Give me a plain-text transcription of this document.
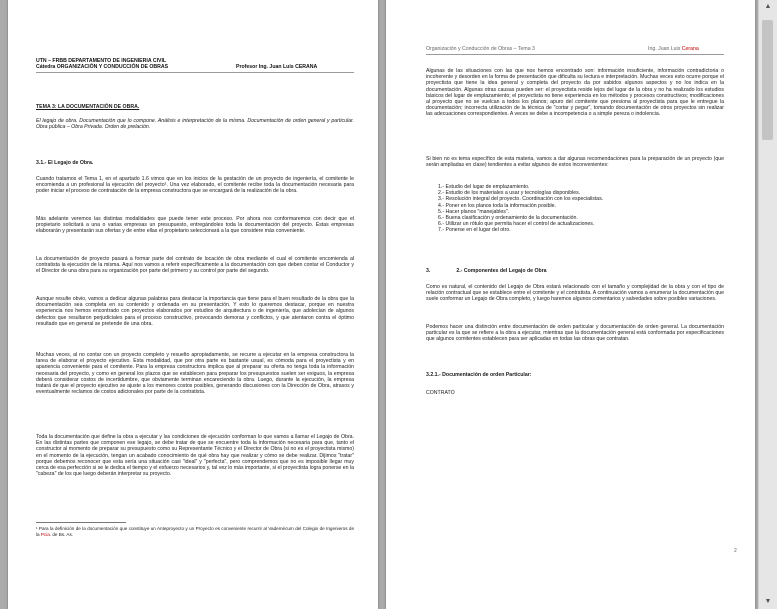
UTN – FRBB DEPARTAMENTO DE INGENIERIA CIVIL
Cátedra ORGANIZACIÓN Y CONDUCCIÓN DE OBRAS	Profesor Ing. Juan Luis CERANA
TEMA 3: LA DOCUMENTACIÓN DE OBRA.
El legajo de obra. Documentación que lo compone. Análisis e interpretación de la misma. Documentación de orden general y particular. Obra pública – Obra Privada. Orden de prelación.
3.1.- El Legajo de Obra.
Cuando tratamos el Tema 1, en el apartado 1.6 vimos que en los inicios de la gestación de un proyecto de ingeniería, el comitente le encomienda a un profesional la ejecución del proyecto¹. Una vez elaborado, el comitente recibe toda la documentación necesaria para poder iniciar el proceso de contratación de la empresa constructora que se encargará de la realización de la obra.
Más adelante veremos las distintas modalidades que puede tener este proceso. Por ahora nos conformaremos con decir que el propietario solicitará a una o varias empresas un presupuesto, entregándoles toda la documentación del proyecto. Éstas empresas elaborarán y presentarán sus ofertas y de entre ellas el propietario seleccionará a la que considere más conveniente.
La documentación de proyecto pasará a formar parte del contrato de locación de obra mediante el cual el comitente encomienda al contratista la ejecución de la misma. Aquí nos vamos a referir específicamente a la documentación con que deben contar el Conductor y el Director de una obra para su organización por parte del primero y su control por parte del segundo.
Aunque resulte obvio, vamos a dedicar algunas palabras para destacar la importancia que tiene para el buen resultado de la obra que la documentación sea completa en su contenido y ordenada en su presentación. Y esto lo queremos destacar, porque en nuestra experiencia nos hemos encontrado con proyectos elaborados por estudios de arquitectura o de ingeniería, que adolecían de algunos defectos que resultaron perjudiciales para el proceso constructivo, provocando demoras y conflictos, y que atentaron contra el óptimo resultado que en general se pretende de una obra.
Muchas veces, al no contar con un proyecto completo y resuelto apropiadamente, se recurre a ejecutar en la empresa constructora la tarea de elaborar el proyecto ejecutivo. Esta modalidad, que por otra parte es bastante usual, es cómoda para el proyectista y en apariencia conveniente para el comitente. Para la empresa constructora implica que al preparar su oferta no tenga toda la información necesaria del proyecto, y como en general los plazos que se establecen para preparar los presupuestos suelen ser exiguos, la empresa deberá considerar costos de incertidumbre, que obviamente terminan encareciendo la obra. Luego, durante la ejecución, la empresa tratará de que el proyecto ejecutivo se ajuste a los menores costos posibles, generando discusiones con la Dirección de Obra, atrasos y eventualmente reclamos de costos adicionales por parte de la contratista.
Toda la documentación que define la obra a ejecutar y las condiciones de ejecución conforman lo que vamos a llamar el Legajo de Obra. En las distintas partes que componen ese legajo, se debe tratar de que se encuentre toda la información necesaria para que, tanto el constructor al momento de preparar su presupuesto como su Representante Técnico y el Director de Obra (si no es el proyectista mismo) en el momento de la ejecución, tengan un acabado conocimiento de qué obra hay que realizar y cómo se debe realizar. Dijimos "tratar" porque debemos reconocer que esta sería una situación casi "ideal" y "perfecta", pero comprendemos que no es imposible llegar muy cerca de esa perfección si se le dedica el tiempo y el esfuerzo necesarios y, tal vez lo más importante, si el proyectista logra ponerse en la "cabeza" de los que luego deberán interpretar su proyecto.
¹ Para la definición de la documentación que constituye un Anteproyecto y un Proyecto es conveniente recurrir al Vademécum del Colegio de Ingenieros de la Pcia. de Bs. As.
Organización y Conducción de Obras – Tema 3	Ing. Juan Luis Cerana
Algunas de las situaciones con las que nos hemos encontrado son: información insuficiente, información contradictoria o incoherente y desorden en la forma de presentación que dificulta su lectura e interpretación. Muchas veces esto ocurre porque el proyectista que tiene la idea general y completa del proyecto da por sabidos algunos aspectos y no los indica en la documentación. Algunas otras causas pueden ser: el proyectista reside lejos del lugar de la obra y no ha realizado los estudios básicos del lugar de emplazamiento; el proyectista no tiene experiencia en los métodos y procesos constructivos; modificaciones al proyecto que no se vuelcan a todos los planos; apuro del comitente que presiona al proyectista para que le entregue la documentación; incorrecta utilización de la técnica de "cortar y pegar", tomando documentación de otros proyectos sin realizar las adecuaciones correspondientes. A veces se debe a incompetencia o a simple pereza o indolencia.
Si bien no es tema específico de esta materia, vamos a dar algunas recomendaciones para la preparación de un proyecto (que serán ampliadas en clase) tendientes a evitar algunos de estos inconvenientes:
1.- Estudio del lugar de emplazamiento.
2.- Estudio de los materiales a usar y tecnologías disponibles.
3.- Resolución integral del proyecto. Coordinación con los especialistas.
4.- Poner en los planos toda la información posible.
5.- Hacer planos "manejables".
6.- Buena clasificación y ordenamiento de la documentación.
6.- Utilizar un rótulo que permita hacer el control de actualizaciones.
7.- Ponerse en el lugar del otro.
3.	2.- Componentes del Legajo de Obra
Como es natural, el contenido del Legajo de Obra estará relacionado con el tamaño y complejidad de la obra y con el tipo de relación contractual que se establece entre el comitente y el contratista. A continuación vamos a enumerar la documentación que suele conformar un Legajo de Obra completo, y luego haremos algunos comentarios y salvedades sobre posibles variaciones.
Podemos hacer una distinción entre documentación de orden particular y documentación de orden general. La documentación particular es la que se refiere a la obra a ejecutar, mientras que la documentación general está conformada por especificaciones que algunos comitentes establecen para ser aplicadas en todas las obras que contratan.
3.2.1.- Documentación de orden Particular:
CONTRATO
2
▲
▼
